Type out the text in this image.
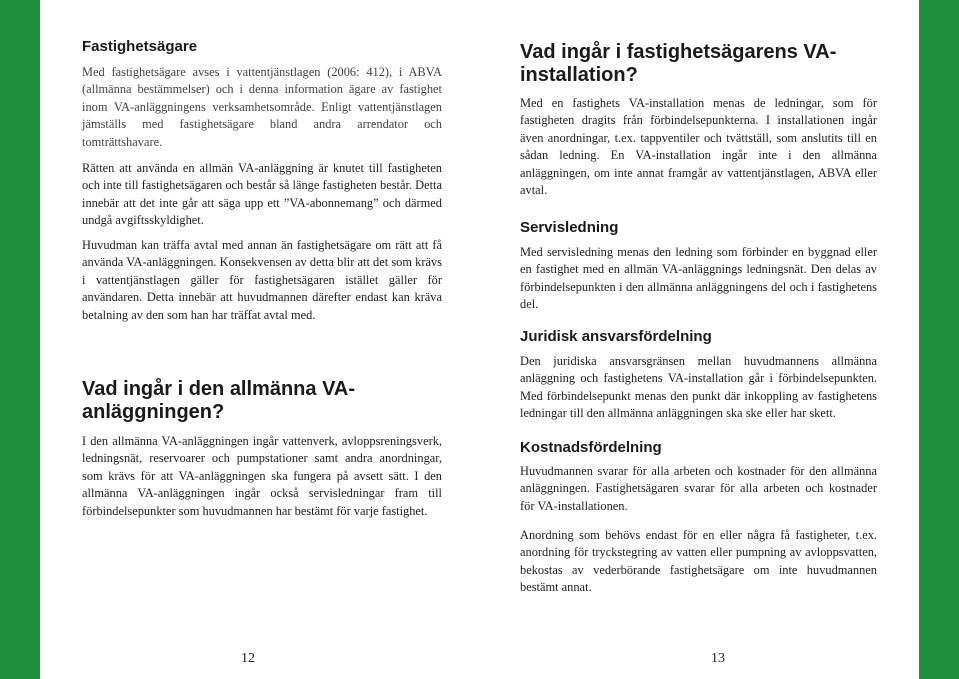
Fastighetsägare

Med fastighetsägare avses i vattentjänstlagen (2006: 412), i ABVA (allmänna bestämmelser) och i denna information ägare av fastighet inom VA-anläggningens verksamhetsområde. Enligt vattentjänstlagen jämställs med fastighetsägare bland andra arrendator och tomträttshavare.

Rätten att använda en allmän VA-anläggning är knutet till fastigheten och inte till fastighetsägaren och består så länge fastigheten består. Detta innebär att det inte går att säga upp ett ”VA-abonnemang” och därmed undgå avgiftsskyldighet.

Huvudman kan träffa avtal med annan än fastighetsägare om rätt att få använda VA-anläggningen. Konsekvensen av detta blir att det som krävs i vattentjänstlagen gäller för fastighetsägaren istället gäller för användaren. Detta innebär att huvudmannen därefter endast kan kräva betalning av den som han har träffat avtal med.

Vad ingår i den allmänna VA-anläggningen?

I den allmänna VA-anläggningen ingår vattenverk, avloppsreningsverk, ledningsnät, reservoarer och pumpstationer samt andra anordningar, som krävs för att VA-anläggningen ska fungera på avsett sätt. I den allmänna VA-anläggningen ingår också servisledningar fram till förbindelsepunkter som huvudmannen har bestämt för varje fastighet.

12
Vad ingår i fastighetsägarens VA-installation?

Med en fastighets VA-installation menas de ledningar, som för fastigheten dragits från förbindelsepunkterna. I installationen ingår även anordningar, t.ex. tappventiler och tvättställ, som anslutits till en sådan ledning. En VA-installation ingår inte i den allmänna anläggningen, om inte annat framgår av vattentjänstlagen, ABVA eller avtal.

Servisledning

Med servisledning menas den ledning som förbinder en byggnad eller en fastighet med en allmän VA-anläggnings ledningsnät. Den delas av förbindelsepunkten i den allmänna anläggningens del och i fastighetens del.

Juridisk ansvarsfördelning

Den juridiska ansvarsgränsen mellan huvudmannens allmänna anläggning och fastighetens VA-installation går i förbindelsepunkten. Med förbindelsepunkt menas den punkt där inkoppling av fastighetens ledningar till den allmänna anläggningen ska ske eller har skett.

Kostnadsfördelning

Huvudmannen svarar för alla arbeten och kostnader för den allmänna anläggningen. Fastighetsägaren svarar för alla arbeten och kostnader för VA-installationen.

Anordning som behövs endast för en eller några få fastigheter, t.ex. anordning för tryckstegring av vatten eller pumpning av avloppsvatten, bekostas av vederbörande fastighetsägare om inte huvudmannen bestämt annat.

13
